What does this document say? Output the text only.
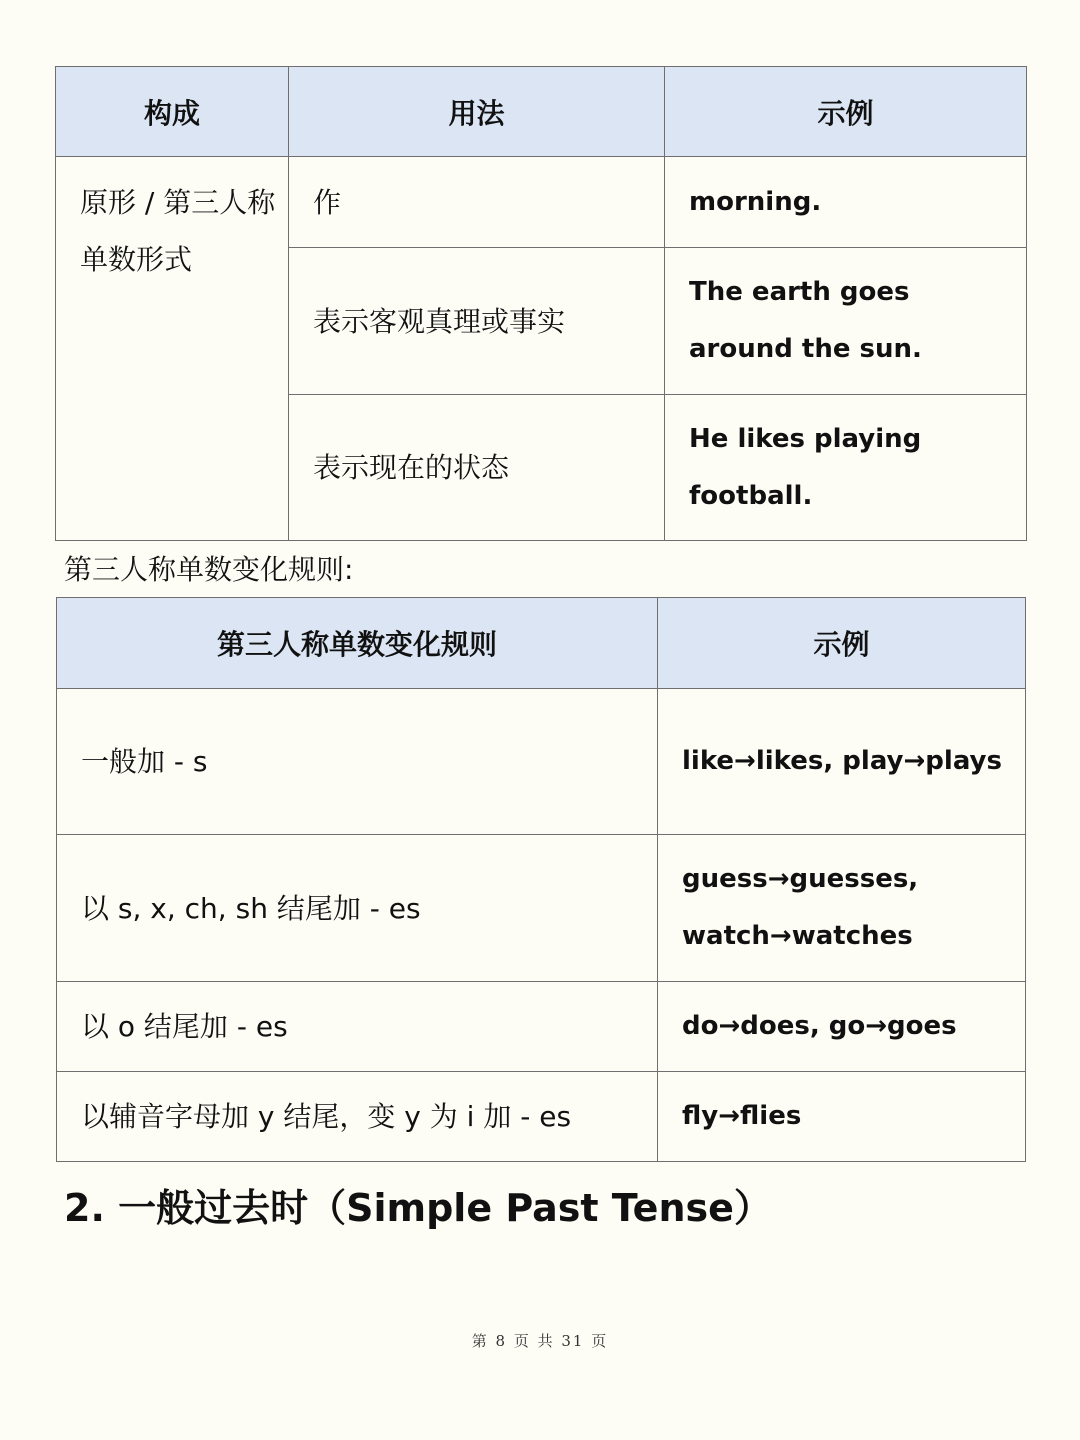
构成	用法	示例

原形 / 第三人称单数形式	作	morning.

	表示客观真理或事实	The earth goes around the sun.

	表示现在的状态	He likes playing football.
第三人称单数变化规则:
第三人称单数变化规则	示例

一般加 - s	like→likes, play→plays

以 s, x, ch, sh 结尾加 - es	guess→guesses, watch→watches

以 o 结尾加 - es	do→does, go→goes

以辅音字母加 y 结尾，变 y 为 i 加 - es	fly→flies
2. 一般过去时（Simple Past Tense）
第 8 页 共 31 页
